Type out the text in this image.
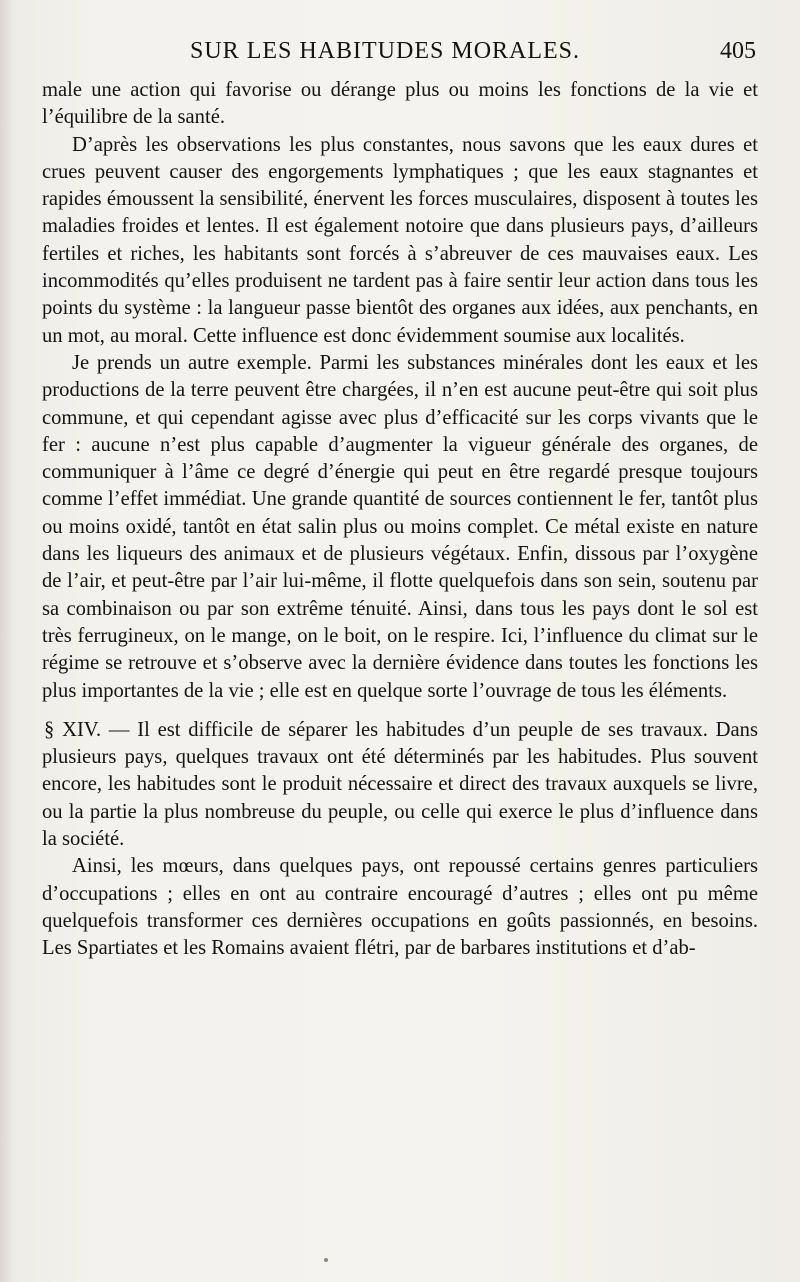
SUR LES HABITUDES MORALES.	405

male une action qui favorise ou dérange plus ou moins les fonctions de la vie et l’équilibre de la santé.

D’après les observations les plus constantes, nous savons que les eaux dures et crues peuvent causer des engorgements lymphatiques ; que les eaux stagnantes et rapides émoussent la sensibilité, énervent les forces musculaires, disposent à toutes les maladies froides et lentes. Il est également notoire que dans plusieurs pays, d’ailleurs fertiles et riches, les habitants sont forcés à s’abreuver de ces mauvaises eaux. Les incommodités qu’elles produisent ne tardent pas à faire sentir leur action dans tous les points du système : la langueur passe bientôt des organes aux idées, aux penchants, en un mot, au moral. Cette influence est donc évidemment soumise aux localités.

Je prends un autre exemple. Parmi les substances minérales dont les eaux et les productions de la terre peuvent être chargées, il n’en est aucune peut-être qui soit plus commune, et qui cependant agisse avec plus d’efficacité sur les corps vivants que le fer : aucune n’est plus capable d’augmenter la vigueur générale des organes, de communiquer à l’âme ce degré d’énergie qui peut en être regardé presque toujours comme l’effet immédiat. Une grande quantité de sources contiennent le fer, tantôt plus ou moins oxidé, tantôt en état salin plus ou moins complet. Ce métal existe en nature dans les liqueurs des animaux et de plusieurs végétaux. Enfin, dissous par l’oxygène de l’air, et peut-être par l’air lui-même, il flotte quelquefois dans son sein, soutenu par sa combinaison ou par son extrême ténuité. Ainsi, dans tous les pays dont le sol est très ferrugineux, on le mange, on le boit, on le respire. Ici, l’influence du climat sur le régime se retrouve et s’observe avec la dernière évidence dans toutes les fonctions les plus importantes de la vie ; elle est en quelque sorte l’ouvrage de tous les éléments.

§ XIV. — Il est difficile de séparer les habitudes d’un peuple de ses travaux. Dans plusieurs pays, quelques travaux ont été déterminés par les habitudes. Plus souvent encore, les habitudes sont le produit nécessaire et direct des travaux auxquels se livre, ou la partie la plus nombreuse du peuple, ou celle qui exerce le plus d’influence dans la société.

Ainsi, les mœurs, dans quelques pays, ont repoussé certains genres particuliers d’occupations ; elles en ont au contraire encouragé d’autres ; elles ont pu même quelquefois transformer ces dernières occupations en goûts passionnés, en besoins. Les Spartiates et les Romains avaient flétri, par de barbares institutions et d’ab-
